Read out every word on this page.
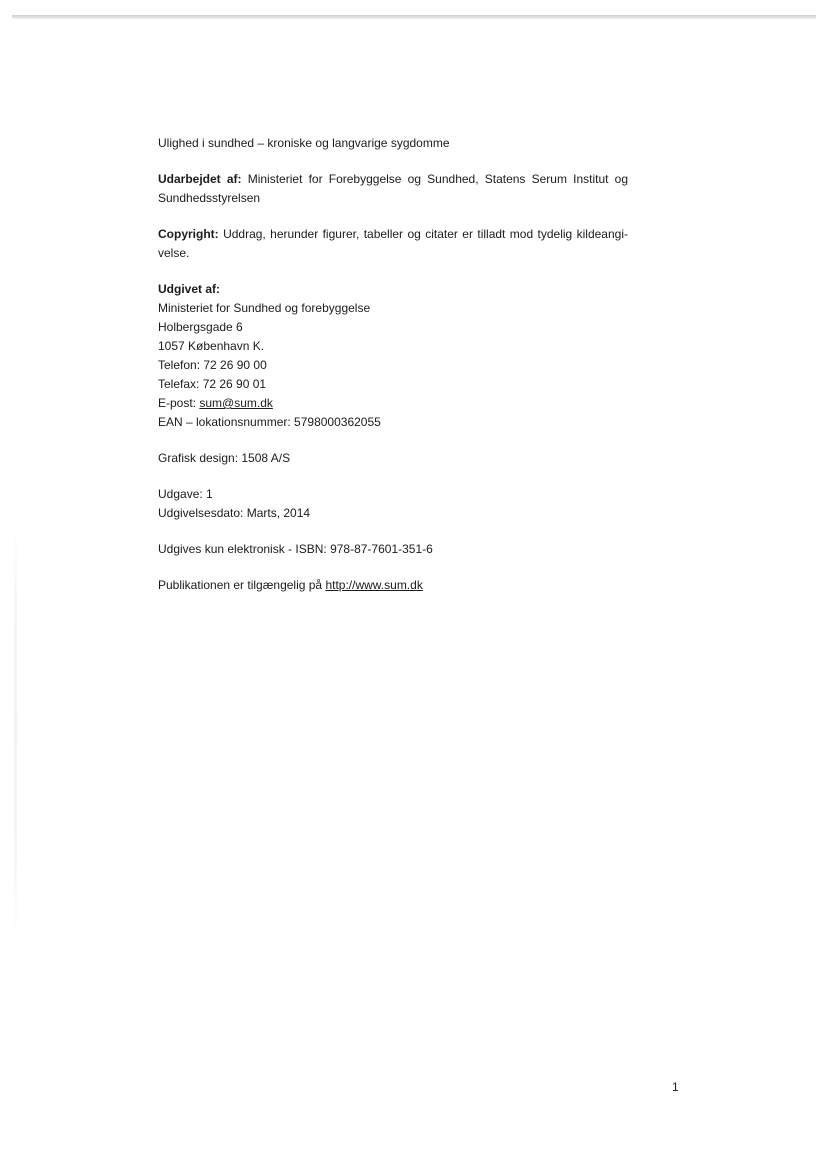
Ulighed i sundhed – kroniske og langvarige sygdomme

Udarbejdet af: Ministeriet for Forebyggelse og Sundhed, Statens Serum Institut og Sundhedsstyrelsen

Copyright: Uddrag, herunder figurer, tabeller og citater er tilladt mod tydelig kildeangi-velse.

Udgivet af:
Ministeriet for Sundhed og forebyggelse
Holbergsgade 6
1057 København K.
Telefon: 72 26 90 00
Telefax: 72 26 90 01
E-post: sum@sum.dk
EAN – lokationsnummer: 5798000362055

Grafisk design: 1508 A/S

Udgave: 1
Udgivelsesdato: Marts, 2014

Udgives kun elektronisk - ISBN: 978-87-7601-351-6

Publikationen er tilgængelig på http://www.sum.dk

1
